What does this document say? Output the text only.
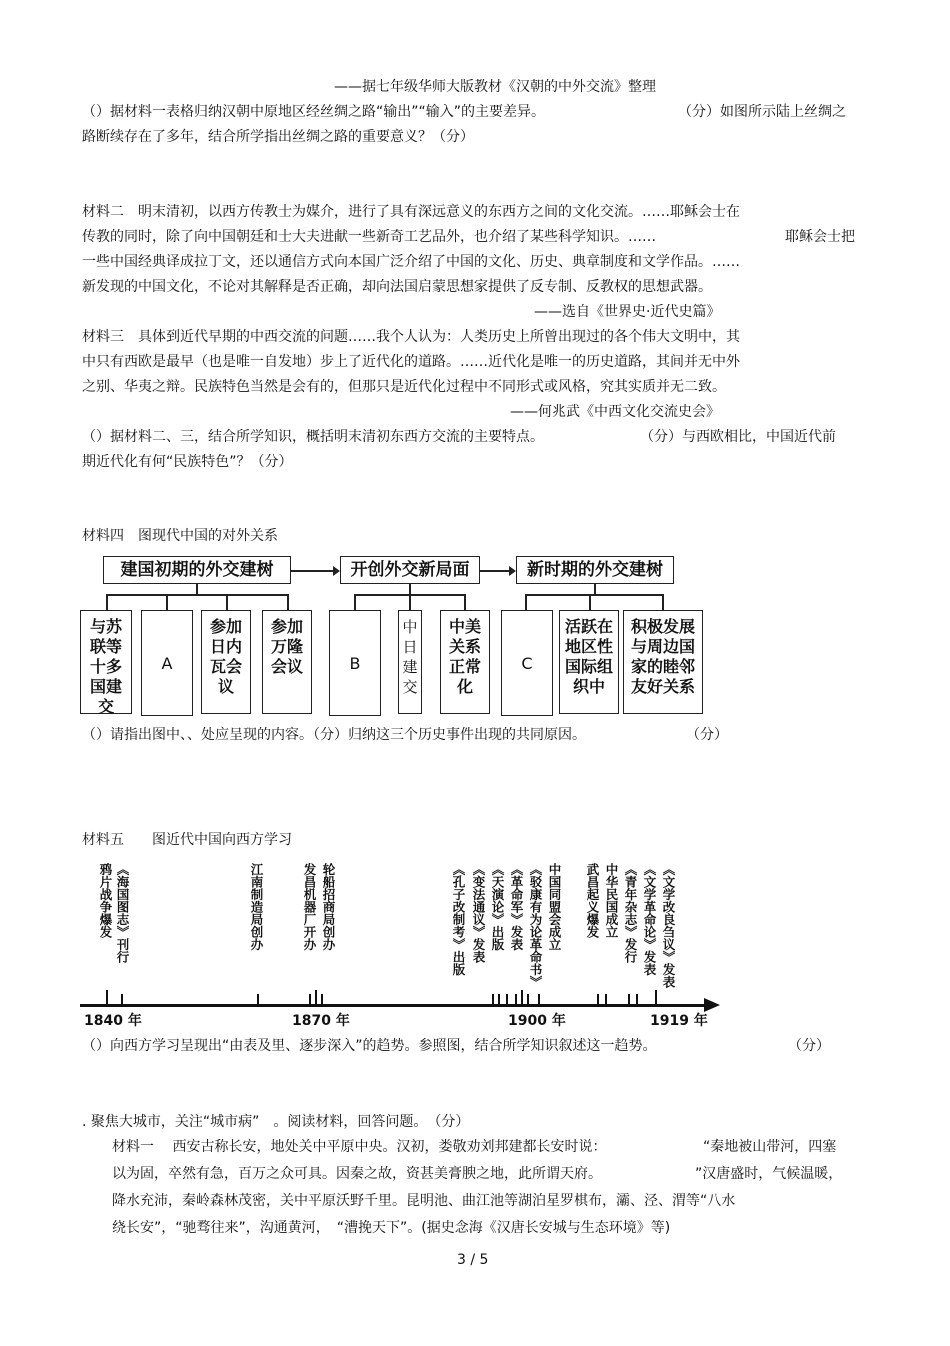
——据七年级华师大版教材《汉朝的中外交流》整理
（）据材料一表格归纳汉朝中原地区经丝绸之路“输出”“输入”的主要差异。	（分）如图所示陆上丝绸之
路断续存在了多年，结合所学指出丝绸之路的重要意义？（分）
材料二　明末清初，以西方传教士为媒介，进行了具有深远意义的东西方之间的文化交流。……耶稣会士在
传教的同时，除了向中国朝廷和士大夫进献一些新奇工艺品外，也介绍了某些科学知识。……	耶稣会士把
一些中国经典译成拉丁文，还以通信方式向本国广泛介绍了中国的文化、历史、典章制度和文学作品。……
新发现的中国文化，不论对其解释是否正确，却向法国启蒙思想家提供了反专制、反教权的思想武器。
——选自《世界史·近代史篇》
材料三　具体到近代早期的中西交流的问题……我个人认为：人类历史上所曾出现过的各个伟大文明中，其
中只有西欧是最早（也是唯一自发地）步上了近代化的道路。……近代化是唯一的历史道路，其间并无中外
之别、华夷之辩。民族特色当然是会有的，但那只是近代化过程中不同形式或风格，究其实质并无二致。
——何兆武《中西文化交流史会》
（）据材料二、三，结合所学知识，概括明末清初东西方交流的主要特点。	（分）与西欧相比，中国近代前
期近代化有何“民族特色”？（分）
材料四　图现代中国的对外关系
建国初期的外交建树	开创外交新局面	新时期的外交建树
与苏联等十多国建交
A
参加日内瓦会议
参加万隆会议	B
中日建交
中美关系正常化
C
活跃在地区性国际组织中
积极发展与周边国家的睦邻友好关系
（）请指出图中、、处应呈现的内容。（分）归纳这三个历史事件出现的共同原因。	（分）
材料五　　图近代中国向西方学习
鸦片战争爆发 《海国图志》刊行	江南制造局创办	发昌机器厂开办 轮船招商局创办	《孔子改制考》出版 《变法通议》发表 《天演论》出版 《革命军》发表 《驳康有为论革命书》 中国同盟会成立 武昌起义爆发 中华民国成立 《青年杂志》发行 《文学革命论》发表 《文学改良刍议》发表
1840 年	1870 年	1900 年	1919 年
（）向西方学习呈现出“由表及里、逐步深入”的趋势。参照图，结合所学知识叙述这一趋势。	（分）
. 聚焦大城市，关注“城市病”　。阅读材料，回答问题。　（分）
材料一　 西安古称长安，地处关中平原中央。汉初，娄敬劝刘邦建都长安时说：	“秦地被山带河，四塞
以为固，卒然有急，百万之众可具。因秦之故，资甚美膏腴之地，此所谓天府。	”汉唐盛时，气候温暖，
降水充沛，秦岭森林茂密，关中平原沃野千里。昆明池、曲江池等湖泊星罗棋布，灞、泾、渭等“八水
绕长安”，“驰骛往来”，沟通黄河，　“漕挽天下”。(据史念海《汉唐长安城与生态环境》等)
3 / 5
